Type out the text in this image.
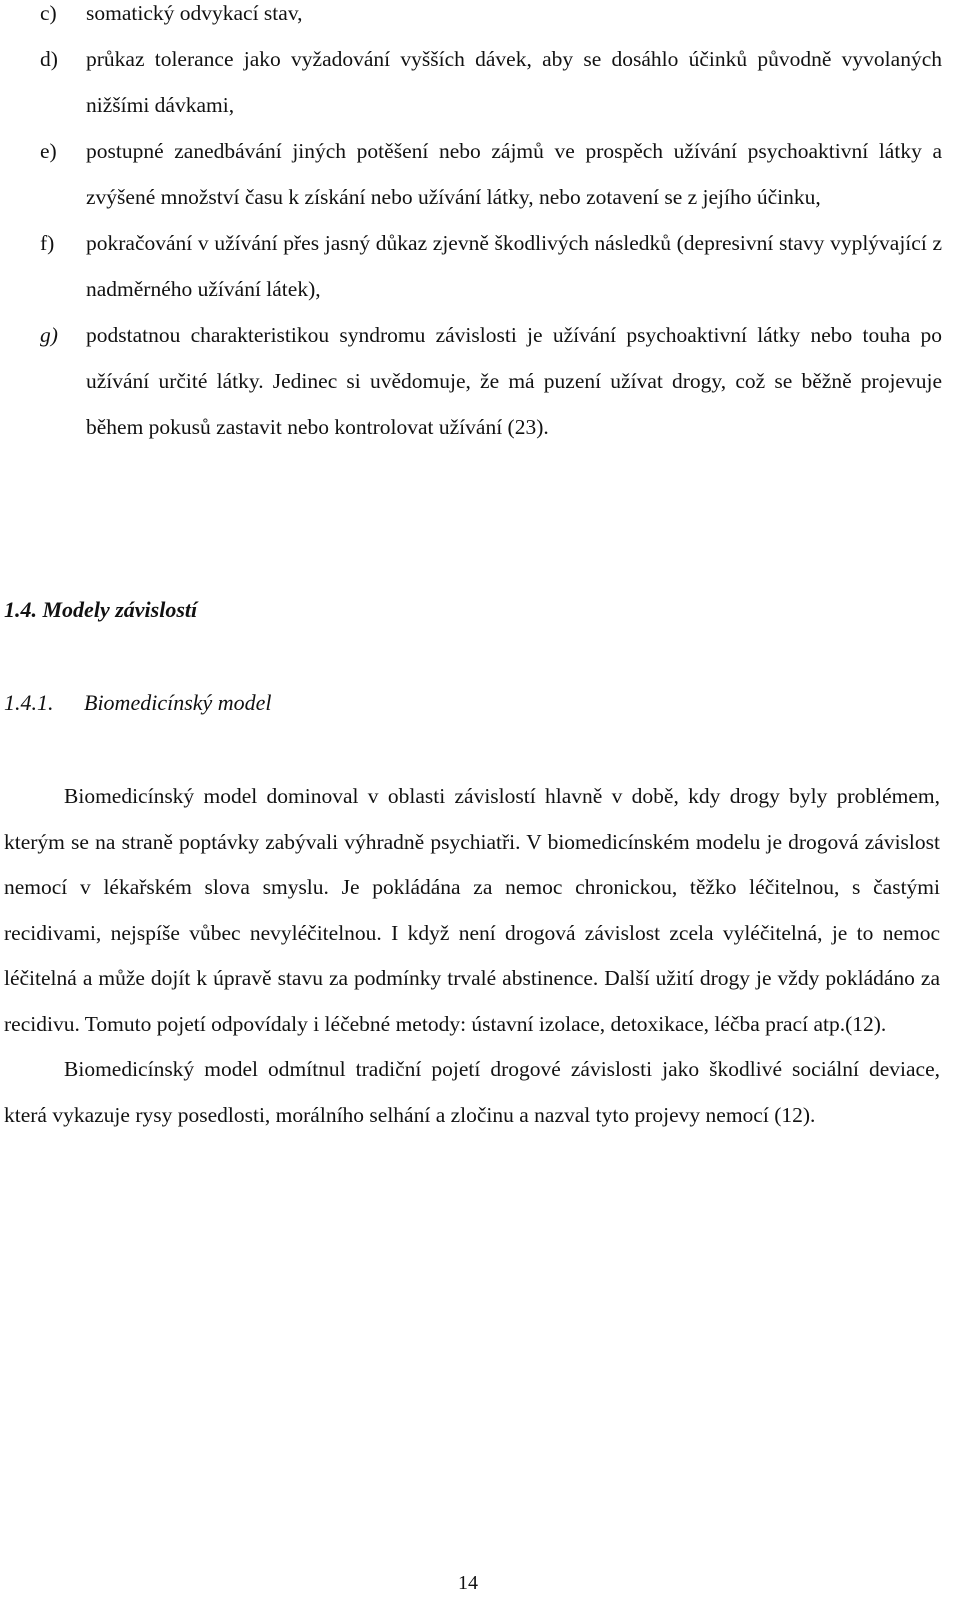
c) somatický odvykací stav,
d) průkaz tolerance jako vyžadování vyšších dávek, aby se dosáhlo účinků původně vyvolaných nižšími dávkami,
e) postupné zanedbávání jiných potěšení nebo zájmů ve prospěch užívání psychoaktivní látky a zvýšené množství času k získání nebo užívání látky, nebo zotavení se z jejího účinku,
f) pokračování v užívání přes jasný důkaz zjevně škodlivých následků (depresivní stavy vyplývající z nadměrného užívání látek),
g) podstatnou charakteristikou syndromu závislosti je užívání psychoaktivní látky nebo touha po užívání určité látky. Jedinec si uvědomuje, že má puzení užívat drogy, což se běžně projevuje během pokusů zastavit nebo kontrolovat užívání (23).
1.4. Modely závislostí
1.4.1. Biomedicínský model

Biomedicínský model dominoval v oblasti závislostí hlavně v době, kdy drogy byly problémem, kterým se na straně poptávky zabývali výhradně psychiatři. V biomedicínském modelu je drogová závislost nemocí v lékařském slova smyslu. Je pokládána za nemoc chronickou, těžko léčitelnou, s častými recidivami, nejspíše vůbec nevyléčitelnou. I když není drogová závislost zcela vyléčitelná, je to nemoc léčitelná a může dojít k úpravě stavu za podmínky trvalé abstinence. Další užití drogy je vždy pokládáno za recidivu. Tomuto pojetí odpovídaly i léčebné metody: ústavní izolace, detoxikace, léčba prací atp.(12).

Biomedicínský model odmítnul tradiční pojetí drogové závislosti jako škodlivé sociální deviace, která vykazuje rysy posedlosti, morálního selhání a zločinu a nazval tyto projevy nemocí (12).

14
